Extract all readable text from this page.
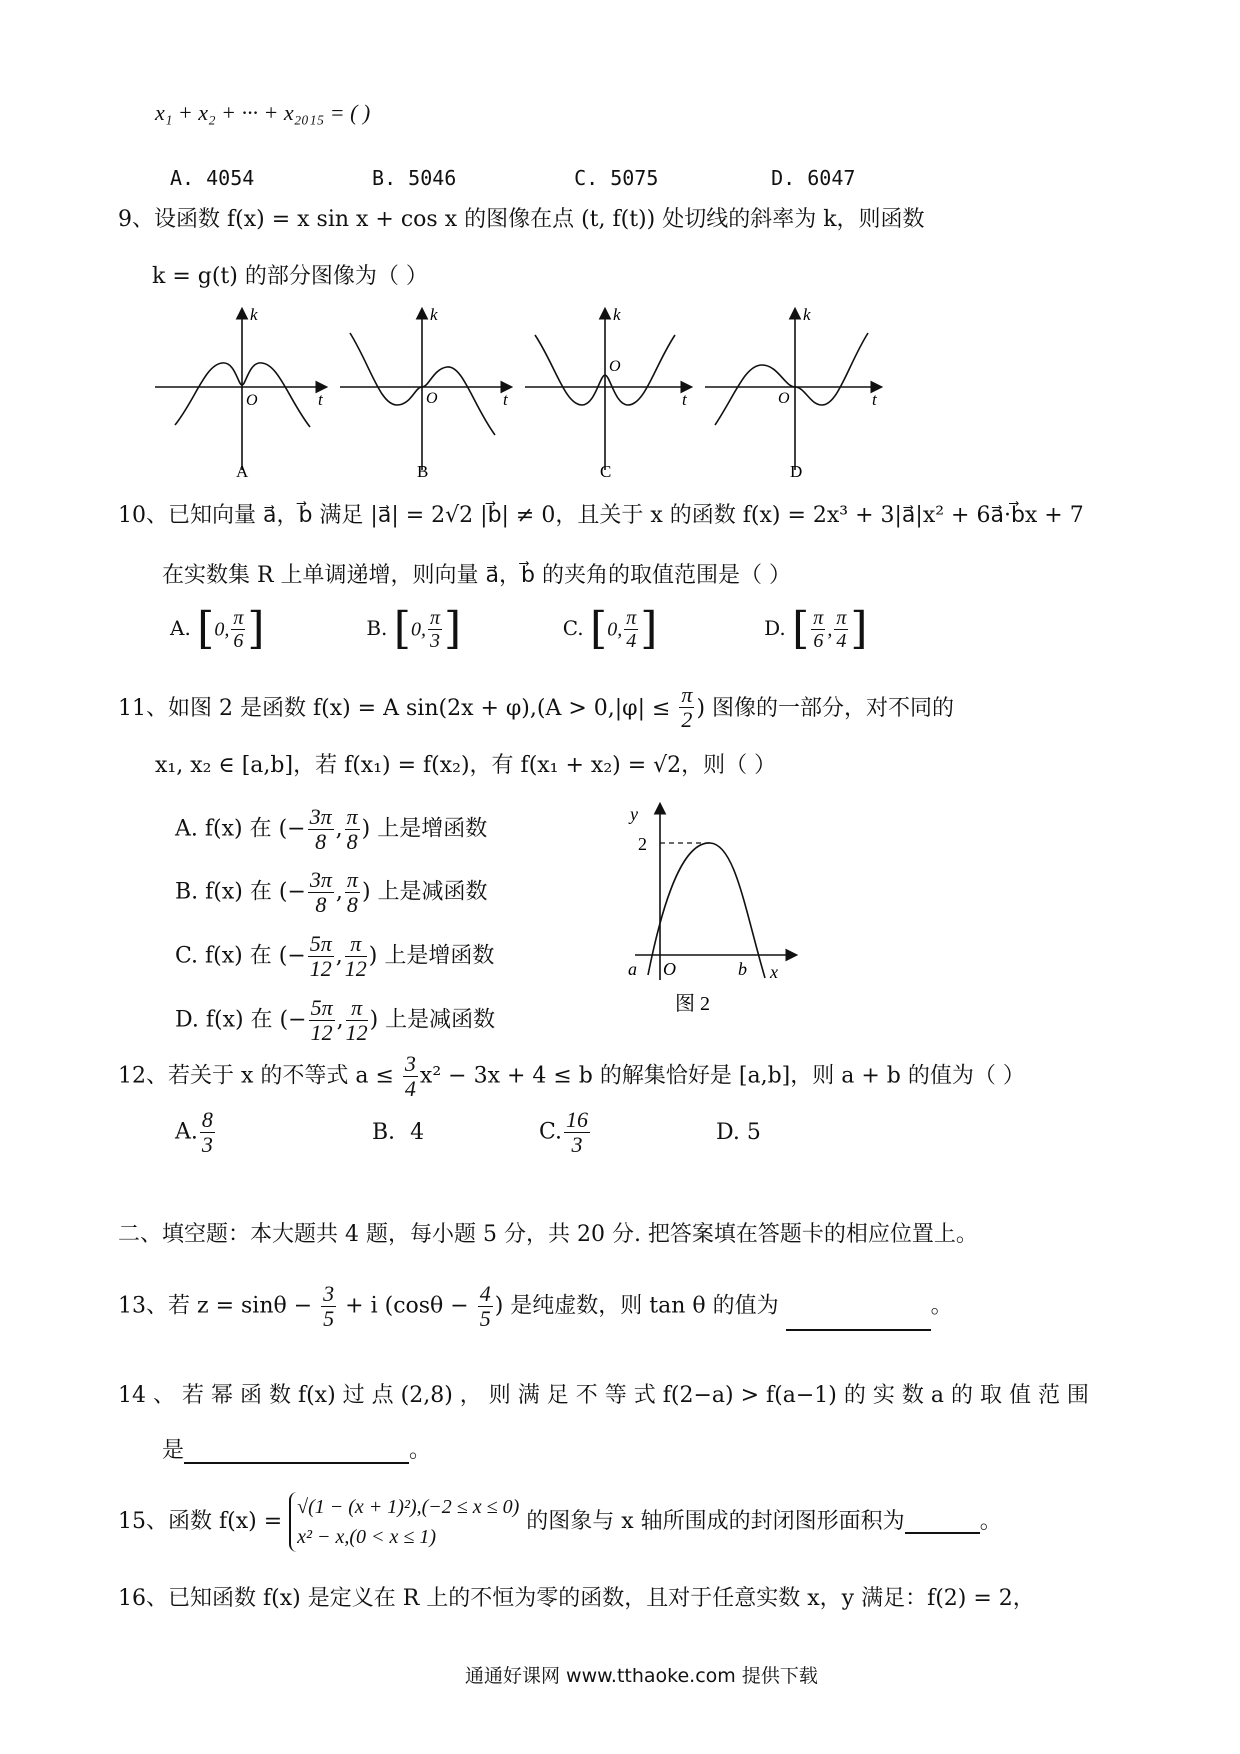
x₁ + x₂ + ··· + x₂₀₁₅ = ( )
A. 4054	B. 5046	C. 5075	D. 6047
9、设函数 f(x) = x sin x + cos x 的图像在点 (t, f(t)) 处切线的斜率为 k，则函数
k = g(t) 的部分图像为（ ）
k
t
O
A
k
t
O
B
k
t
O
C
k
t
O
D
10、已知向量 a⃗，b⃗ 满足 |a⃗| = 2√2 |b⃗| ≠ 0，且关于 x 的函数 f(x) = 2x³ + 3|a⃗|x² + 6a⃗·b⃗x + 7
在实数集 R 上单调递增，则向量 a⃗，b⃗ 的夹角的取值范围是（ ）
A. [0, $\frac{\pi}{6}$ ]	B. [0, $\frac{\pi}{3}$ ]	C. [0, $\frac{\pi}{4}$ ]	D. [ $\frac{\pi}{6}$ , $\frac{\pi}{4}$ ]
11、如图 2 是函数 f(x) = A $\sin(2x + \varphi),(A > 0,|\varphi| \le \frac{\pi}{2}$ ) 图像的一部分，对不同的
x₁, x₂ ∈ [a,b]，若 f(x₁) = f(x₂)，有 f(x₁ + x₂) = √2，则（ ）
A. f(x) 在 (− $\frac{3\pi}{8}$ , $\frac{\pi}{8}$ ) 上是增函数
B. f(x) 在 (− $\frac{3\pi}{8}$ , $\frac{\pi}{8}$ ) 上是减函数
C. f(x) 在 (− $\frac{5\pi}{12}$ , $\frac{\pi}{12}$ ) 上是增函数
D. f(x) 在 (− $\frac{5\pi}{12}$ , $\frac{\pi}{12}$ ) 上是减函数
y
2
a O	b x
图 2
12、若关于 x 的不等式 $a \le \frac{3}{4} x^2 - 3x + 4 \le b$ 的解集恰好是 [a,b]，则 a + b 的值为（ ）
A. $\frac{8}{3}$	B．4	C. $\frac{16}{3}$	D. 5
二、填空题：本大题共 4 题，每小题 5 分，共 20 分. 把答案填在答题卡的相应位置上。
13、若 $z = \sin\theta - \frac{3}{5} + i$ ($\cos\theta - \frac{4}{5}$ ) 是纯虚数，则 tan θ 的值为	。
14 、 若 幂 函 数 f(x) 过 点 (2,8) ， 则 满 足 不 等 式 f(2−a) > f(a−1) 的 实 数 a 的 取 值 范 围
是	。
15、函数 f(x) =
√(1 − (x + 1)²),(−2 ≤ x ≤ 0)
x² − x,(0 < x ≤ 1)
的图象与 x 轴所围成的封闭图形面积为	。
16、已知函数 f(x) 是定义在 R 上的不恒为零的函数，且对于任意实数 x，y 满足：f(2) = 2，
通通好课网 www.tthaoke.com 提供下载
